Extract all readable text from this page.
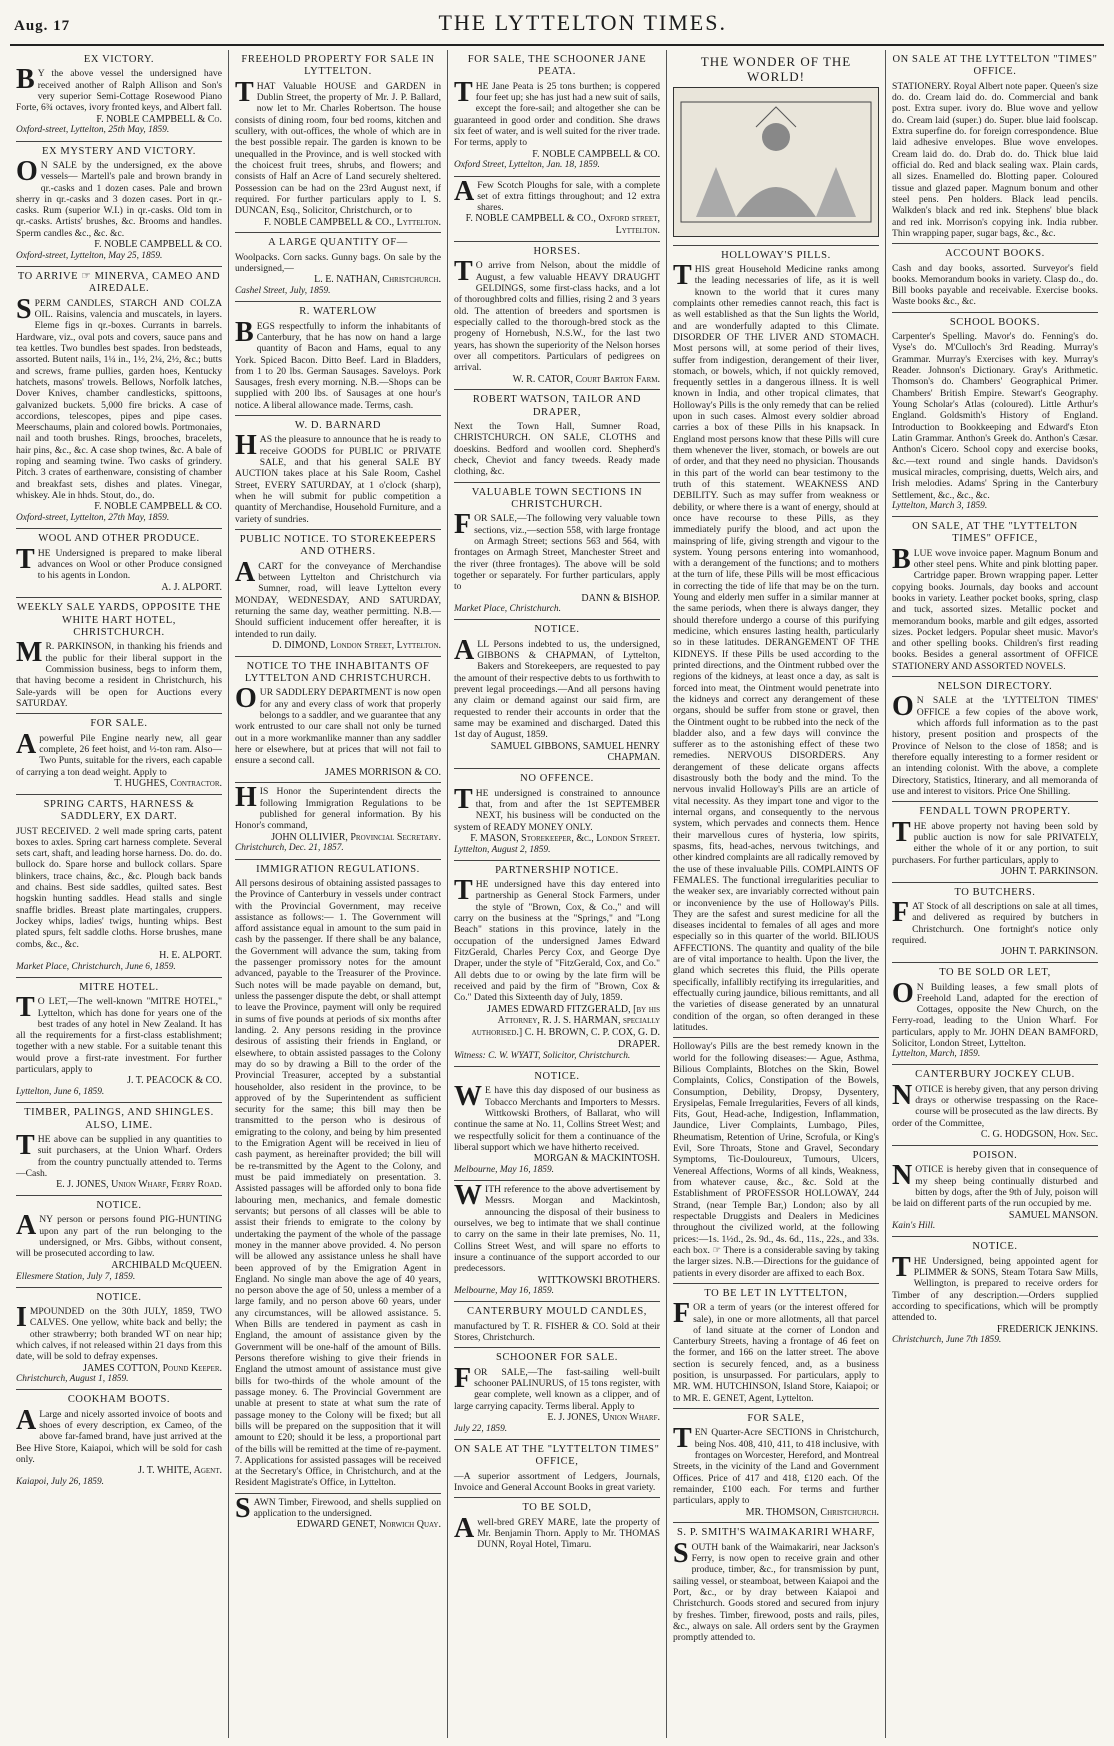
Aug. 17	THE LYTTELTON TIMES.
EX VICTORY.
B Y the above vessel the undersigned have received another of Ralph Allison and Son's very superior Semi-Cottage Rosewood Piano Forte, 6¾ octaves, ivory fronted keys, and Albert fall.
F. NOBLE CAMPBELL & Co.
Oxford-street, Lyttelton, 25th May, 1859.
EX MYSTERY AND VICTORY.
O N SALE by the undersigned, ex the above vessels— Martell's pale and brown brandy in qr.-casks and 1 dozen cases. Pale and brown sherry in qr.-casks and 3 dozen cases. Port in qr.-casks. Rum (superior W.I.) in qr.-casks. Old tom in qr.-casks. Artists' brushes, &c. Brooms and handles. Sperm candles &c., &c. &c.
F. NOBLE CAMPBELL & CO.
Oxford-street, Lyttelton, May 25, 1859.
TO ARRIVE ☞ MINERVA, CAMEO AND AIREDALE.
SPERM CANDLES, STARCH AND COLZA OIL. Raisins, valencia and muscatels, in layers. Eleme figs in qr.-boxes. Currants in barrels. Hardware, viz., oval pots and covers, sauce pans and tea kettles. Two bundles best spades. Iron bedsteads, assorted. Butent nails, 1¼ in., 1½, 2¼, 2½, &c.; butts and screws, frame pullies, garden hoes, Kentucky hatchets, masons' trowels. Bellows, Norfolk latches, Dover Knives, chamber candlesticks, spittoons, galvanized buckets. 5,000 fire bricks. A case of accordions, telescopes, pipes and pipe cases. Meerschaums, plain and colored bowls. Portmonaies, nail and tooth brushes. Rings, brooches, bracelets, hair pins, &c., &c. A case shop twines, &c. A bale of roping and seaming twine. Two casks of grindery. Pitch. 3 crates of earthenware, consisting of chamber and breakfast sets, dishes and plates. Vinegar, whiskey. Ale in hhds. Stout, do., do.
F. NOBLE CAMPBELL & CO.
Oxford-street, Lyttelton, 27th May, 1859.
WOOL AND OTHER PRODUCE.
THE Undersigned is prepared to make liberal advances on Wool or other Produce consigned to his agents in London.
A. J. ALPORT.
WEEKLY SALE YARDS, OPPOSITE THE WHITE HART HOTEL, CHRISTCHURCH.
M R. PARKINSON, in thanking his friends and the public for their liberal support in the Commission business, begs to inform them, that having become a resident in Christchurch, his Sale-yards will be open for Auctions every SATURDAY.
FOR SALE.
A powerful Pile Engine nearly new, all gear complete, 26 feet hoist, and ½-ton ram. Also— Two Punts, suitable for the rivers, each capable of carrying a ton dead weight. Apply to
T. HUGHES, Contractor.
SPRING CARTS, HARNESS & SADDLERY, EX DART.
JUST RECEIVED. 2 well made spring carts, patent boxes to axles. Spring cart harness complete. Several sets cart, shaft, and leading horse harness. Do. do. do. bullock do. Spare horse and bullock collars. Spare blinkers, trace chains, &c., &c. Plough back bands and chains. Best side saddles, quilted sates. Best hogskin hunting saddles. Head stalls and single snaffle bridles. Breast plate martingales, cruppers. Jockey whips, ladies' twigs, hunting whips. Best plated spurs, felt saddle cloths. Horse brushes, mane combs, &c., &c.
H. E. ALPORT.
Market Place, Christchurch, June 6, 1859.
MITRE HOTEL.
T O LET,—The well-known "MITRE HOTEL," Lyttelton, which has done for years one of the best trades of any hotel in New Zealand. It has all the requirements for a first-class establishment; together with a new stable. For a suitable tenant this would prove a first-rate investment. For further particulars, apply to
J. T. PEACOCK & CO.
Lyttelton, June 6, 1859.
TIMBER, PALINGS, AND SHINGLES. ALSO, LIME.
THE above can be supplied in any quantities to suit purchasers, at the Union Wharf. Orders from the country punctually attended to. Terms—Cash.
E. J. JONES, Union Wharf, Ferry Road.
NOTICE.
ANY person or persons found PIG-HUNTING upon any part of the run belonging to the undersigned, or Mrs. Gibbs, without consent, will be prosecuted according to law.
ARCHIBALD McQUEEN.
Ellesmere Station, July 7, 1859.
NOTICE.
IMPOUNDED on the 30th JULY, 1859, TWO CALVES. One yellow, white back and belly; the other strawberry; both branded WT on near hip; which calves, if not released within 21 days from this date, will be sold to defray expenses.
JAMES COTTON, Pound Keeper.
Christchurch, August 1, 1859.
COOKHAM BOOTS.
A Large and nicely assorted invoice of boots and shoes of every description, ex Cameo, of the above far-famed brand, have just arrived at the Bee Hive Store, Kaiapoi, which will be sold for cash only.
J. T. WHITE, Agent.
Kaiapoi, July 26, 1859.
FREEHOLD PROPERTY FOR SALE IN LYTTELTON.
THAT Valuable HOUSE and GARDEN in Dublin Street, the property of Mr. J. P. Ballard, now let to Mr. Charles Robertson. The house consists of dining room, four bed rooms, kitchen and scullery, with out-offices, the whole of which are in the best possible repair. The garden is known to be unequalled in the Province, and is well stocked with the choicest fruit trees, shrubs, and flowers; and consists of Half an Acre of Land securely sheltered. Possession can be had on the 23rd August next, if required. For further particulars apply to I. S. DUNCAN, Esq., Solicitor, Christchurch, or to
F. NOBLE CAMPBELL & CO., Lyttelton.
A LARGE QUANTITY OF—
Woolpacks. Corn sacks. Gunny bags. On sale by the undersigned,—
L. E. NATHAN, Christchurch.
Cashel Street, July, 1859.
R. WATERLOW
BEGS respectfully to inform the inhabitants of Canterbury, that he has now on hand a large quantity of Bacon and Hams, equal to any York. Spiced Bacon. Ditto Beef. Lard in Bladders, from 1 to 20 lbs. German Sausages. Saveloys. Pork Sausages, fresh every morning. N.B.—Shops can be supplied with 200 lbs. of Sausages at one hour's notice. A liberal allowance made. Terms, cash.
W. D. BARNARD
HAS the pleasure to announce that he is ready to receive GOODS for PUBLIC or PRIVATE SALE, and that his general SALE BY AUCTION takes place at his Sale Room, Cashel Street, EVERY SATURDAY, at 1 o'clock (sharp), when he will submit for public competition a quantity of Merchandise, Household Furniture, and a variety of sundries.
PUBLIC NOTICE. TO STOREKEEPERS AND OTHERS.
A CART for the conveyance of Merchandise between Lyttelton and Christchurch via Sumner, road, will leave Lyttelton every MONDAY, WEDNESDAY, AND SATURDAY, returning the same day, weather permitting. N.B.—Should sufficient inducement offer hereafter, it is intended to run daily.
D. DIMOND, London Street, Lyttelton.
NOTICE TO THE INHABITANTS OF LYTTELTON AND CHRISTCHURCH.
OUR SADDLERY DEPARTMENT is now open for any and every class of work that properly belongs to a saddler, and we guarantee that any work entrusted to our care shall not only be turned out in a more workmanlike manner than any saddler here or elsewhere, but at prices that will not fail to ensure a second call.
JAMES MORRISON & CO.
HIS Honor the Superintendent directs the following Immigration Regulations to be published for general information. By his Honor's command,
JOHN OLLIVIER, Provincial Secretary.
Christchurch, Dec. 21, 1857.
IMMIGRATION REGULATIONS.
All persons desirous of obtaining assisted passages to the Province of Canterbury in vessels under contract with the Provincial Government, may receive assistance as follows:— 1. The Government will afford assistance equal in amount to the sum paid in cash by the passenger. If there shall be any balance, the Government will advance the sum, taking from the passenger promissory notes for the amount advanced, payable to the Treasurer of the Province. Such notes will be made payable on demand, but, unless the passenger dispute the debt, or shall attempt to leave the Province, payment will only be required in sums of five pounds at periods of six months after landing. 2. Any persons residing in the province desirous of assisting their friends in England, or elsewhere, to obtain assisted passages to the Colony may do so by drawing a Bill to the order of the Provincial Treasurer, accepted by a substantial householder, also resident in the province, to be approved of by the Superintendent as sufficient security for the same; this bill may then be transmitted to the person who is desirous of emigrating to the colony, and being by him presented to the Emigration Agent will be received in lieu of cash payment, as hereinafter provided; the bill will be re-transmitted by the Agent to the Colony, and must be paid immediately on presentation. 3. Assisted passages will be afforded only to bona fide labouring men, mechanics, and female domestic servants; but persons of all classes will be able to assist their friends to emigrate to the colony by undertaking the payment of the whole of the passage money in the manner above provided. 4. No person will be allowed any assistance unless he shall have been approved of by the Emigration Agent in England. No single man above the age of 40 years, no person above the age of 50, unless a member of a large family, and no person above 60 years, under any circumstances, will be allowed assistance. 5. When Bills are tendered in payment as cash in England, the amount of assistance given by the Government will be one-half of the amount of Bills. Persons therefore wishing to give their friends in England the utmost amount of assistance must give bills for two-thirds of the whole amount of the passage money. 6. The Provincial Government are unable at present to state at what sum the rate of passage money to the Colony will be fixed; but all bills will be prepared on the supposition that it will amount to £20; should it be less, a proportional part of the bills will be remitted at the time of re-payment. 7. Applications for assisted passages will be received at the Secretary's Office, in Christchurch, and at the Resident Magistrate's Office, in Lyttelton.
SAWN Timber, Firewood, and shells supplied on application to the undersigned.
EDWARD GENET, Norwich Quay.
FOR SALE, THE SCHOONER JANE PEATA.
THE Jane Peata is 25 tons burthen; is coppered four feet up; she has just had a new suit of sails, except the fore-sail; and altogether she can be guaranteed in good order and condition. She draws six feet of water, and is well suited for the river trade. For terms, apply to
F. NOBLE CAMPBELL & CO.
Oxford Street, Lyttelton, Jan. 18, 1859.
A Few Scotch Ploughs for sale, with a complete set of extra fittings throughout; and 12 extra shares.
F. NOBLE CAMPBELL & CO., Oxford street, Lyttelton.
HORSES.
T O arrive from Nelson, about the middle of August, a few valuable HEAVY DRAUGHT GELDINGS, some first-class hacks, and a lot of thoroughbred colts and fillies, rising 2 and 3 years old. The attention of breeders and sportsmen is especially called to the thorough-bred stock as the progeny of Hornebush, N.S.W., for the last two years, has shown the superiority of the Nelson horses over all competitors. Particulars of pedigrees on arrival.
W. R. CATOR, Court Barton Farm.
ROBERT WATSON, TAILOR AND DRAPER,
Next the Town Hall, Sumner Road, CHRISTCHURCH. ON SALE, CLOTHS and doeskins. Bedford and woollen cord. Shepherd's check, Cheviot and fancy tweeds. Ready made clothing, &c.
VALUABLE TOWN SECTIONS IN CHRISTCHURCH.
FOR SALE,—The following very valuable town sections, viz.,—section 558, with large frontage on Armagh Street; sections 563 and 564, with frontages on Armagh Street, Manchester Street and the river (three frontages). The above will be sold together or separately. For further particulars, apply to
DANN & BISHOP.
Market Place, Christchurch.
NOTICE.
ALL Persons indebted to us, the undersigned, GIBBONS & CHAPMAN, of Lyttelton, Bakers and Storekeepers, are requested to pay the amount of their respective debts to us forthwith to prevent legal proceedings.—And all persons having any claim or demand against our said firm, are requested to render their accounts in order that the same may be examined and discharged. Dated this 1st day of August, 1859.
SAMUEL GIBBONS, SAMUEL HENRY CHAPMAN.
NO OFFENCE.
THE undersigned is constrained to announce that, from and after the 1st SEPTEMBER NEXT, his business will be conducted on the system of READY MONEY ONLY.
F. MASON, Storekeeper, &c., London Street.
Lyttelton, August 2, 1859.
PARTNERSHIP NOTICE.
THE undersigned have this day entered into partnership as General Stock Farmers, under the style of "Brown, Cox, & Co.," and will carry on the business at the "Springs," and "Long Beach" stations in this province, lately in the occupation of the undersigned James Edward FitzGerald, Charles Percy Cox, and George Dye Draper, under the style of "FitzGerald, Cox, and Co." All debts due to or owing by the late firm will be received and paid by the firm of "Brown, Cox & Co." Dated this Sixteenth day of July, 1859.
JAMES EDWARD FITZGERALD, [by his Attorney, R. J. S. HARMAN, specially authorised.] C. H. BROWN, C. P. COX, G. D. DRAPER.
Witness: C. W. WYATT, Solicitor, Christchurch.
NOTICE.
W E have this day disposed of our business as Tobacco Merchants and Importers to Messrs. Wittkowski Brothers, of Ballarat, who will continue the same at No. 11, Collins Street West; and we respectfully solicit for them a continuance of the liberal support which we have hitherto received.
MORGAN & MACKINTOSH.
Melbourne, May 16, 1859.
WITH reference to the above advertisement by Messrs. Morgan and Mackintosh, announcing the disposal of their business to ourselves, we beg to intimate that we shall continue to carry on the same in their late premises, No. 11, Collins Street West, and will spare no efforts to insure a continuance of the support accorded to our predecessors.
WITTKOWSKI BROTHERS.
Melbourne, May 16, 1859.
CANTERBURY MOULD CANDLES,
manufactured by T. R. FISHER & CO. Sold at their Stores, Christchurch.
SCHOONER FOR SALE.
FOR SALE,—The fast-sailing well-built schooner PALINURUS, of 15 tons register, with gear complete, well known as a clipper, and of large carrying capacity. Terms liberal. Apply to
E. J. JONES, Union Wharf.
July 22, 1859.
ON SALE AT THE "LYTTELTON TIMES" OFFICE,
—A superior assortment of Ledgers, Journals, Invoice and General Account Books in great variety.
TO BE SOLD,
A well-bred GREY MARE, late the property of Mr. Benjamin Thorn. Apply to Mr. THOMAS DUNN, Royal Hotel, Timaru.
THE WONDER OF THE WORLD!
HOLLOWAY'S PILLS.
THIS great Household Medicine ranks among the leading necessaries of life, as it is well known to the world that it cures many complaints other remedies cannot reach, this fact is as well established as that the Sun lights the World, and are wonderfully adapted to this Climate. DISORDER OF THE LIVER AND STOMACH. Most persons will, at some period of their lives, suffer from indigestion, derangement of their liver, stomach, or bowels, which, if not quickly removed, frequently settles in a dangerous illness. It is well known in India, and other tropical climates, that Holloway's Pills is the only remedy that can be relied upon in such cases. Almost every soldier abroad carries a box of these Pills in his knapsack. In England most persons know that these Pills will cure them whenever the liver, stomach, or bowels are out of order, and that they need no physician. Thousands in this part of the world can bear testimony to the truth of this statement. WEAKNESS AND DEBILITY. Such as may suffer from weakness or debility, or where there is a want of energy, should at once have recourse to these Pills, as they immediately purify the blood, and act upon the mainspring of life, giving strength and vigour to the system. Young persons entering into womanhood, with a derangement of the functions; and to mothers at the turn of life, these Pills will be most efficacious in correcting the tide of life that may be on the turn. Young and elderly men suffer in a similar manner at the same periods, when there is always danger, they should therefore undergo a course of this purifying medicine, which ensures lasting health, particularly so in these latitudes. DERANGEMENT OF THE KIDNEYS. If these Pills be used according to the printed directions, and the Ointment rubbed over the regions of the kidneys, at least once a day, as salt is forced into meat, the Ointment would penetrate into the kidneys and correct any derangement of these organs, should be suffer from stone or gravel, then the Ointment ought to be rubbed into the neck of the bladder also, and a few days will convince the sufferer as to the astonishing effect of these two remedies. NERVOUS DISORDERS. Any derangement of these delicate organs affects disastrously both the body and the mind. To the nervous invalid Holloway's Pills are an article of vital necessity. As they impart tone and vigor to the internal organs, and consequently to the nervous system, which pervades and connects them. Hence their marvellous cures of hysteria, low spirits, spasms, fits, head-aches, nervous twitchings, and other kindred complaints are all radically removed by the use of these invaluable Pills. COMPLAINTS OF FEMALES. The functional irregularities peculiar to the weaker sex, are invariably corrected without pain or inconvenience by the use of Holloway's Pills. They are the safest and surest medicine for all the diseases incidental to females of all ages and more especially so in this quarter of the world. BILIOUS AFFECTIONS. The quantity and quality of the bile are of vital importance to health. Upon the liver, the gland which secretes this fluid, the Pills operate specifically, infallibly rectifying its irregularities, and effectually curing jaundice, bilious remittants, and all the varieties of disease generated by an unnatural condition of the organ, so often deranged in these latitudes.
Holloway's Pills are the best remedy known in the world for the following diseases:— Ague, Asthma, Bilious Complaints, Blotches on the Skin, Bowel Complaints, Colics, Constipation of the Bowels, Consumption, Debility, Dropsy, Dysentery, Erysipelas, Female Irregularities, Fevers of all kinds, Fits, Gout, Head-ache, Indigestion, Inflammation, Jaundice, Liver Complaints, Lumbago, Piles, Rheumatism, Retention of Urine, Scrofula, or King's Evil, Sore Throats, Stone and Gravel, Secondary Symptoms, Tic-Douloureux, Tumours, Ulcers, Venereal Affections, Worms of all kinds, Weakness, from whatever cause, &c., &c. Sold at the Establishment of PROFESSOR HOLLOWAY, 244 Strand, (near Temple Bar,) London; also by all respectable Druggists and Dealers in Medicines throughout the civilized world, at the following prices:—1s. 1½d., 2s. 9d., 4s. 6d., 11s., 22s., and 33s. each box. ☞ There is a considerable saving by taking the larger sizes. N.B.—Directions for the guidance of patients in every disorder are affixed to each Box.
TO BE LET IN LYTTELTON,
FOR a term of years (or the interest offered for sale), in one or more allotments, all that parcel of land situate at the corner of London and Canterbury Streets, having a frontage of 46 feet on the former, and 166 on the latter street. The above section is securely fenced, and, as a business position, is unsurpassed. For particulars, apply to MR. WM. HUTCHINSON, Island Store, Kaiapoi; or to MR. E. GENET, Agent, Lyttelton.
FOR SALE,
TEN Quarter-Acre SECTIONS in Christchurch, being Nos. 408, 410, 411, to 418 inclusive, with frontages on Worcester, Hereford, and Montreal Streets, in the vicinity of the Land and Government Offices. Price of 417 and 418, £120 each. Of the remainder, £100 each. For terms and further particulars, apply to
MR. THOMSON, Christchurch.
S. P. SMITH'S WAIMAKARIRI WHARF,
SOUTH bank of the Waimakariri, near Jackson's Ferry, is now open to receive grain and other produce, timber, &c., for transmission by punt, sailing vessel, or steamboat, between Kaiapoi and the Port, &c., or by dray between Kaiapoi and Christchurch. Goods stored and secured from injury by freshes. Timber, firewood, posts and rails, piles, &c., always on sale. All orders sent by the Graymen promptly attended to.
ON SALE AT THE LYTTELTON "TIMES" OFFICE.
STATIONERY. Royal Albert note paper. Queen's size do. do. Cream laid do. do. Commercial and bank post. Extra super. ivory do. Blue wove and yellow do. Cream laid (super.) do. Super. blue laid foolscap. Extra superfine do. for foreign correspondence. Blue laid adhesive envelopes. Blue wove envelopes. Cream laid do. do. Drab do. do. Thick blue laid official do. Red and black sealing wax. Plain cards, all sizes. Enamelled do. Blotting paper. Coloured tissue and glazed paper. Magnum bonum and other steel pens. Pen holders. Black lead pencils. Walkden's black and red ink. Stephens' blue black and red ink. Morrison's copying ink. India rubber. Thin wrapping paper, sugar bags, &c., &c.
ACCOUNT BOOKS.
Cash and day books, assorted. Surveyor's field books. Memorandum books in variety. Clasp do., do. Bill books payable and receivable. Exercise books. Waste books &c., &c.
SCHOOL BOOKS.
Carpenter's Spelling. Mavor's do. Fenning's do. Vyse's do. M'Culloch's 3rd Reading. Murray's Grammar. Murray's Exercises with key. Murray's Reader. Johnson's Dictionary. Gray's Arithmetic. Thomson's do. Chambers' Geographical Primer. Chambers' British Empire. Stewart's Geography. Young Scholar's Atlas (coloured). Little Arthur's England. Goldsmith's History of England. Introduction to Bookkeeping and Edward's Eton Latin Grammar. Anthon's Greek do. Anthon's Cæsar. Anthon's Cicero. School copy and exercise books, &c.—text round and single hands. Davidson's musical miracles, comprising, duetts, Welch airs, and Irish melodies. Adams' Spring in the Canterbury Settlement, &c., &c., &c.
Lyttelton, March 3, 1859.
ON SALE, AT THE "LYTTELTON TIMES" OFFICE,
BLUE wove invoice paper. Magnum Bonum and other steel pens. White and pink blotting paper. Cartridge paper. Brown wrapping paper. Letter copying books. Journals, day books and account books in variety. Leather pocket books, spring, clasp and tuck, assorted sizes. Metallic pocket and memorandum books, marble and gilt edges, assorted sizes. Pocket ledgers. Popular sheet music. Mavor's and other spelling books. Children's first reading books. Besides a general assortment of OFFICE STATIONERY AND ASSORTED NOVELS.
NELSON DIRECTORY.
O N SALE at the 'LYTTELTON TIMES' OFFICE a few copies of the above work, which affords full information as to the past history, present position and prospects of the Province of Nelson to the close of 1858; and is therefore equally interesting to a former resident or an intending colonist. With the above, a complete Directory, Statistics, Itinerary, and all memoranda of use and interest to visitors. Price One Shilling.
FENDALL TOWN PROPERTY.
THE above property not having been sold by public auction is now for sale PRIVATELY, either the whole of it or any portion, to suit purchasers. For further particulars, apply to
JOHN T. PARKINSON.
TO BUTCHERS.
FAT Stock of all descriptions on sale at all times, and delivered as required by butchers in Christchurch. One fortnight's notice only required.
JOHN T. PARKINSON.
TO BE SOLD OR LET,
O N Building leases, a few small plots of Freehold Land, adapted for the erection of Cottages, opposite the New Church, on the Ferry-road, leading to the Union Wharf. For particulars, apply to Mr. JOHN DEAN BAMFORD, Solicitor, London Street, Lyttelton.
Lyttelton, March, 1859.
CANTERBURY JOCKEY CLUB.
NOTICE is hereby given, that any person driving drays or otherwise trespassing on the Race-course will be prosecuted as the law directs. By order of the Committee,
C. G. HODGSON, Hon. Sec.
POISON.
NOTICE is hereby given that in consequence of my sheep being continually disturbed and bitten by dogs, after the 9th of July, poison will be laid on different parts of the run occupied by me.
SAMUEL MANSON.
Kain's Hill.
NOTICE.
THE Undersigned, being appointed agent for PLIMMER & SONS, Steam Totara Saw Mills, Wellington, is prepared to receive orders for Timber of any description.—Orders supplied according to specifications, which will be promptly attended to.
FREDERICK JENKINS.
Christchurch, June 7th 1859.
